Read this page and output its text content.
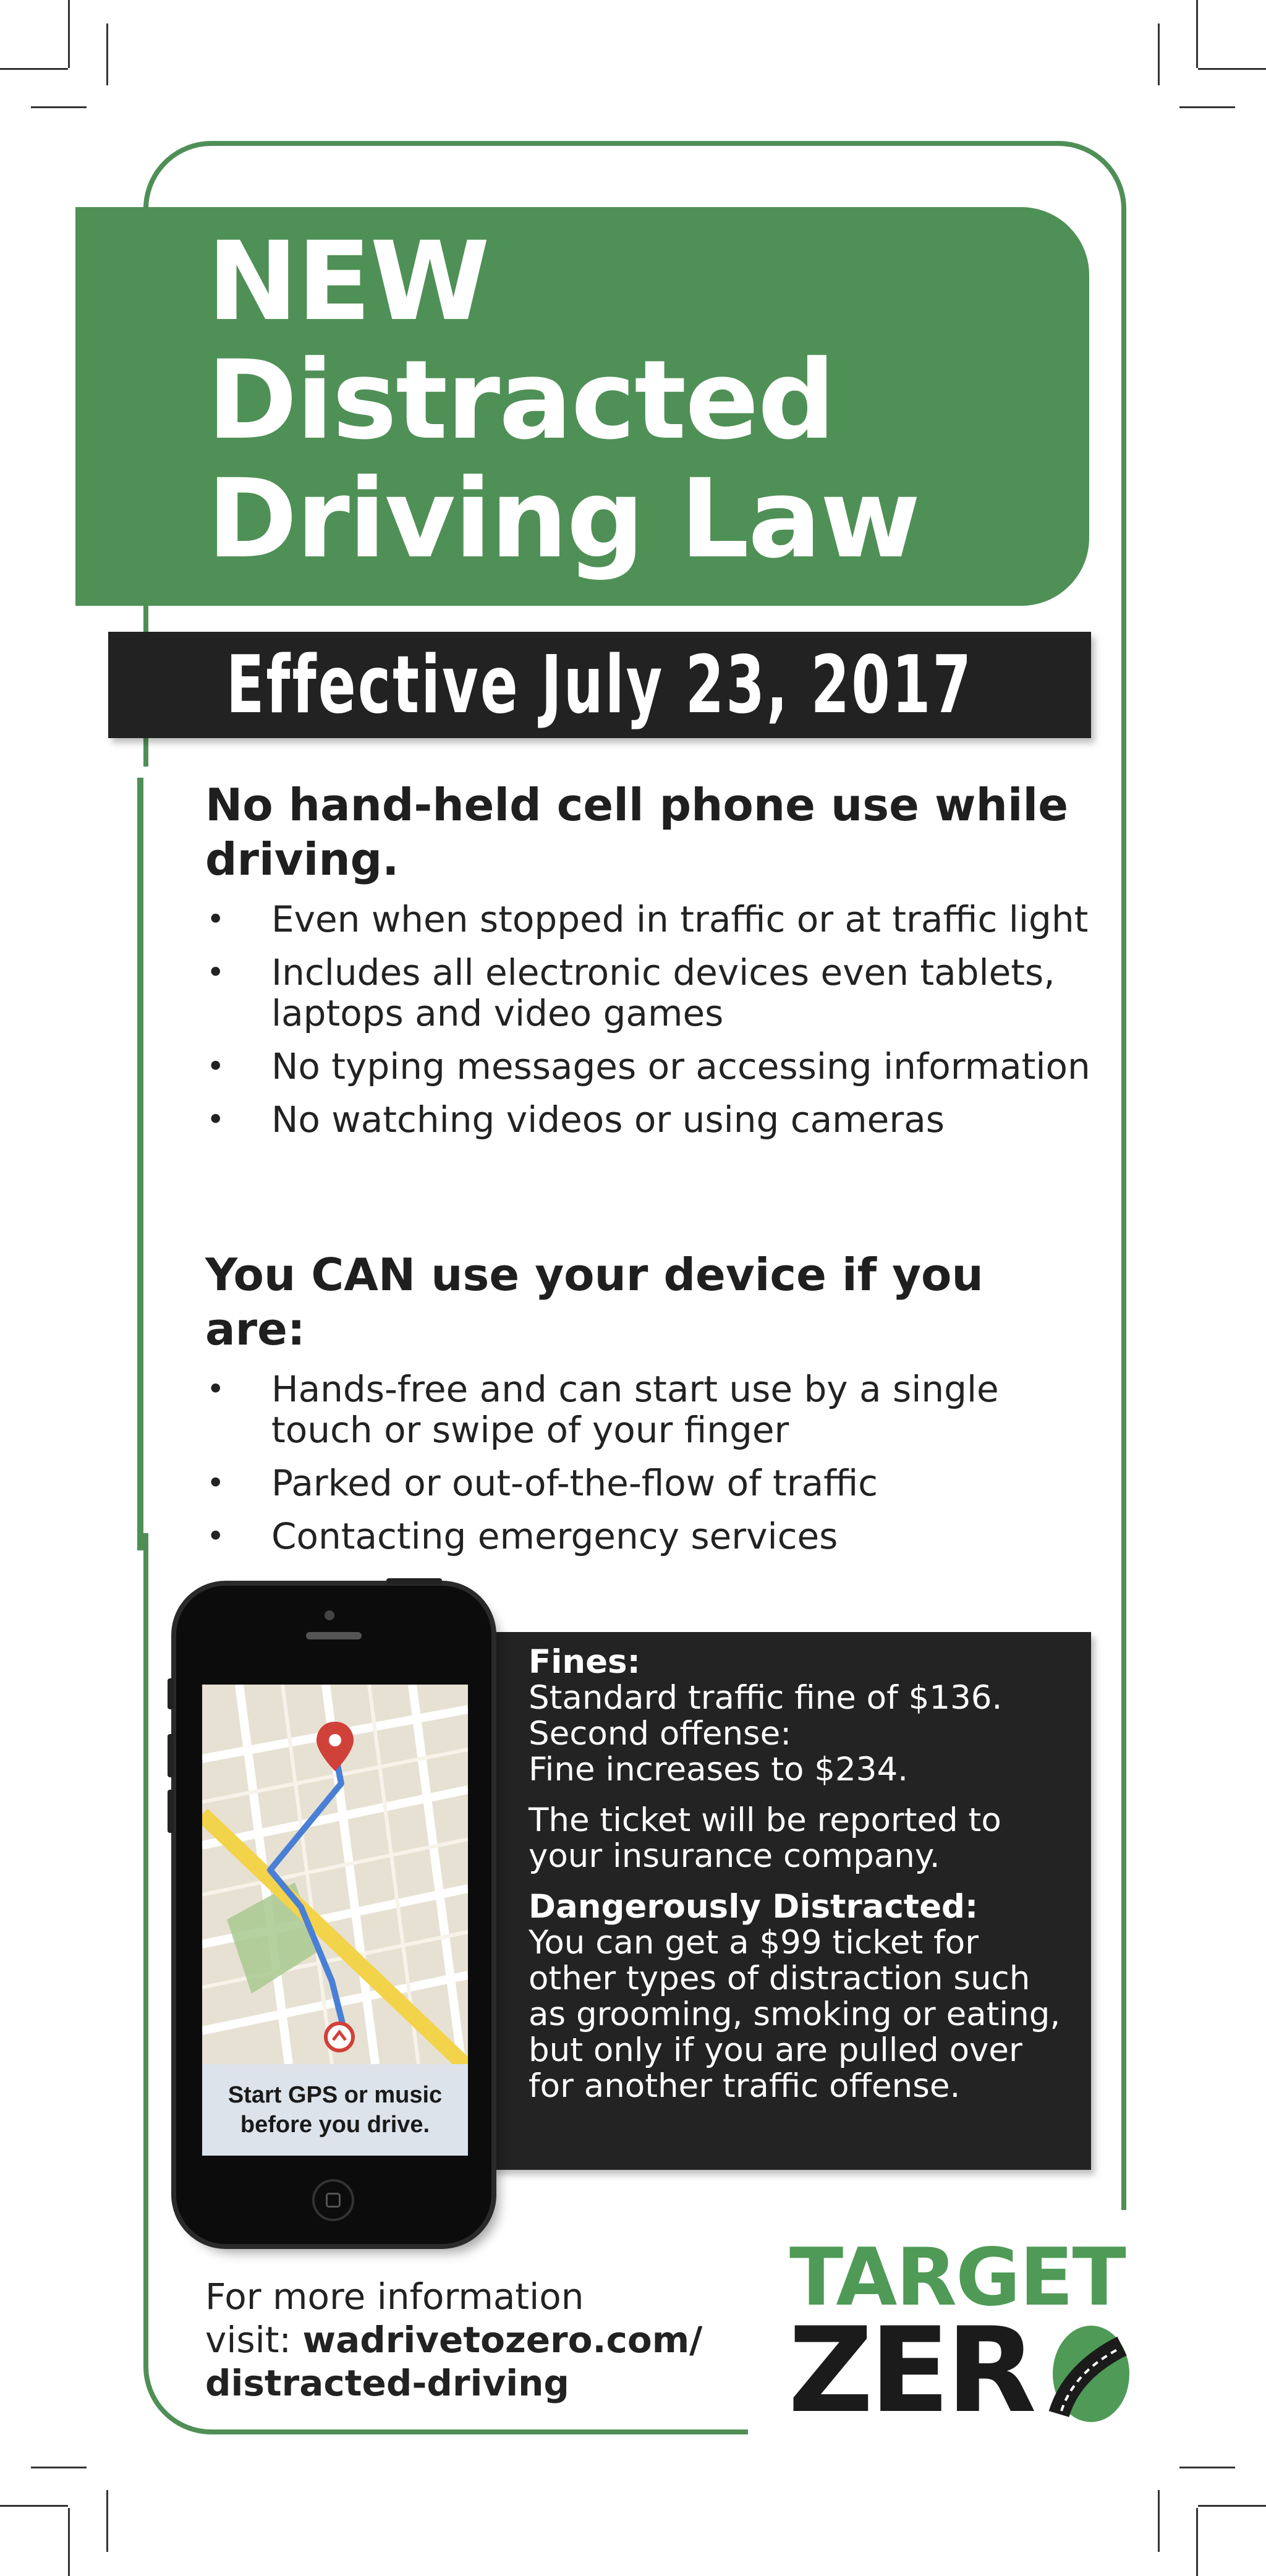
NEW
Distracted
Driving Law
Effective July 23, 2017
No hand-held cell phone use while driving.
• Even when stopped in traffic or at traffic light
• Includes all electronic devices even tablets, laptops and video games
• No typing messages or accessing information
• No watching videos or using cameras
You CAN use your device if you are:
• Hands-free and can start use by a single touch or swipe of your finger
• Parked or out-of-the-flow of traffic
• Contacting emergency services

Fines:

Standard traffic fine of $136.

Second offense:

Fine increases to $234.

The ticket will be reported to your insurance company.

Dangerously Distracted:

You can get a $99 ticket for other types of distraction such as grooming, smoking or eating, but only if you are pulled over for another traffic offense.

Start GPS or music before you drive.
For more information
visit: wadrivetozero.com/
distracted-driving
TARGET
ZER
